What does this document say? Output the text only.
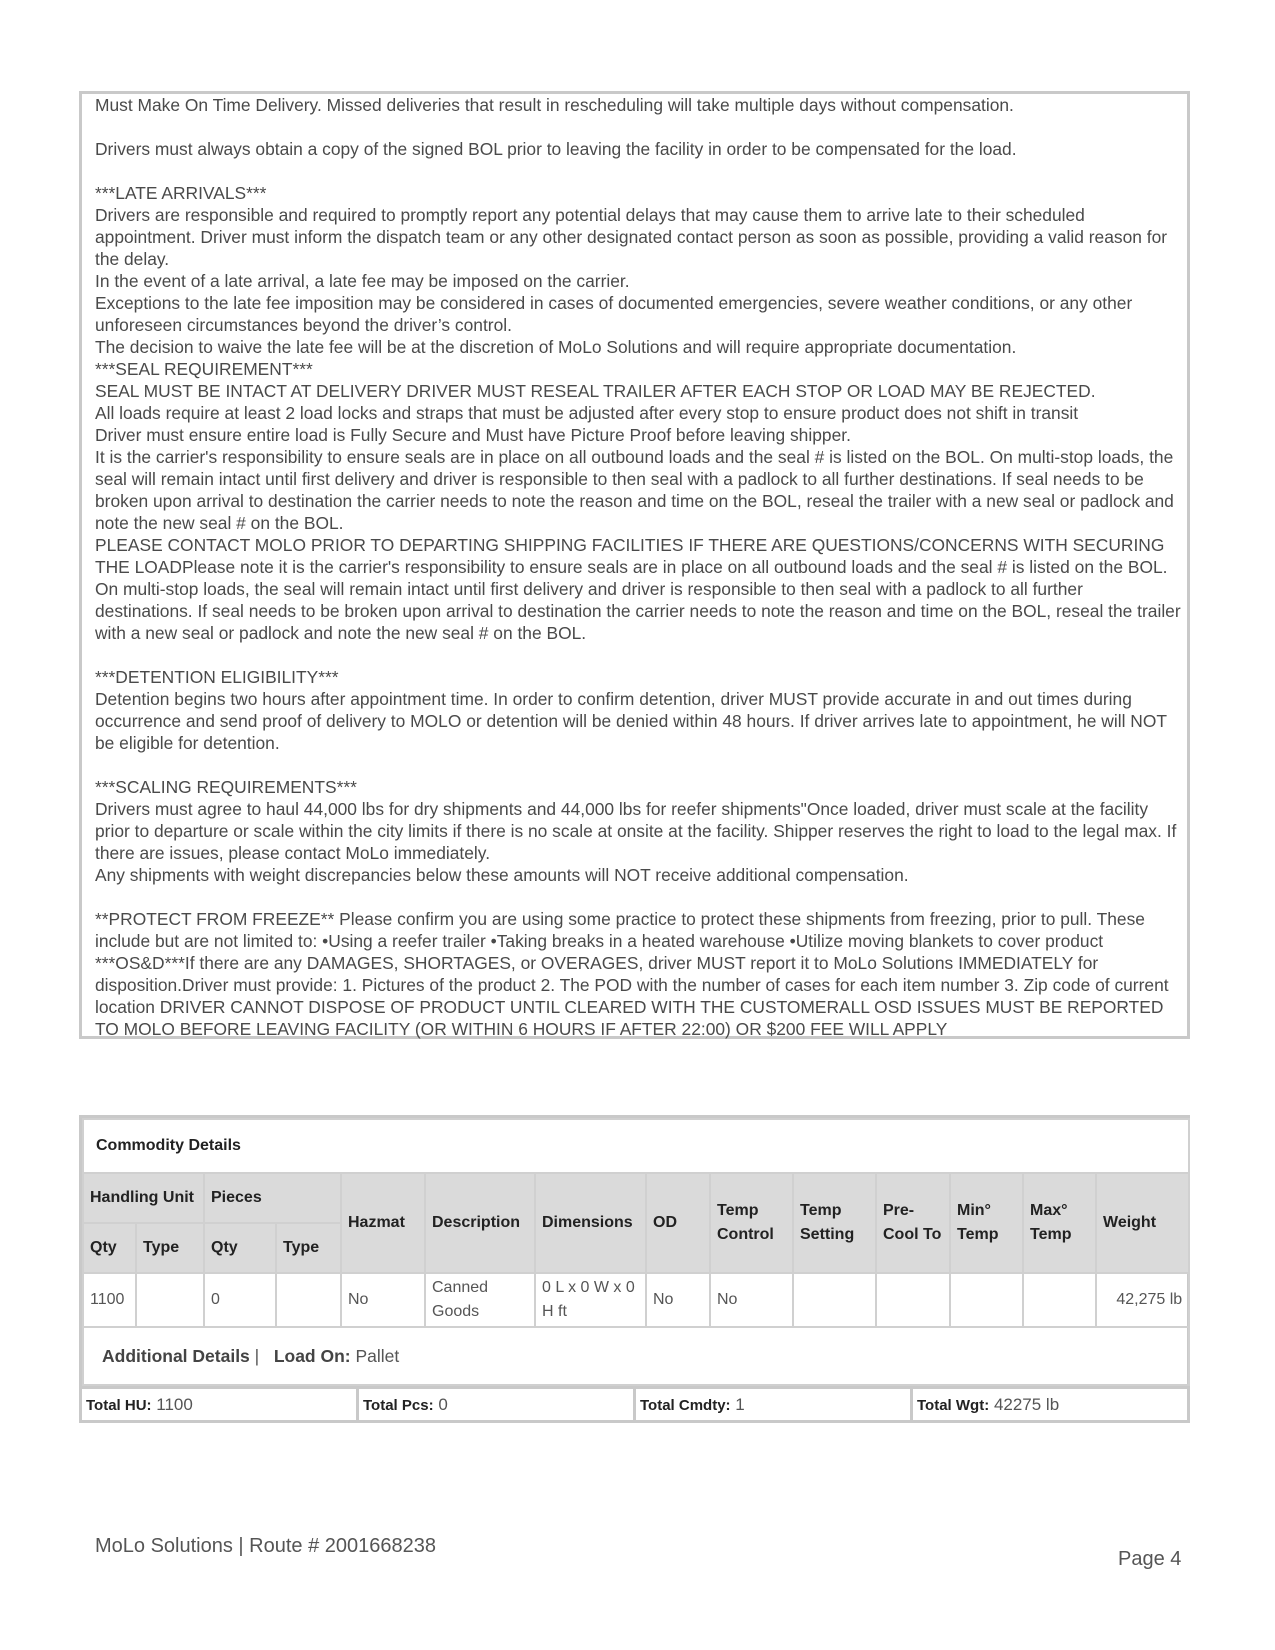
Must Make On Time Delivery. Missed deliveries that result in rescheduling will take multiple days without compensation.

Drivers must always obtain a copy of the signed BOL prior to leaving the facility in order to be compensated for the load.

***LATE ARRIVALS***

Drivers are responsible and required to promptly report any potential delays that may cause them to arrive late to their scheduled appointment. Driver must inform the dispatch team or any other designated contact person as soon as possible, providing a valid reason for the delay.

In the event of a late arrival, a late fee may be imposed on the carrier.

Exceptions to the late fee imposition may be considered in cases of documented emergencies, severe weather conditions, or any other unforeseen circumstances beyond the driver’s control.

The decision to waive the late fee will be at the discretion of MoLo Solutions and will require appropriate documentation.

***SEAL REQUIREMENT***

SEAL MUST BE INTACT AT DELIVERY DRIVER MUST RESEAL TRAILER AFTER EACH STOP OR LOAD MAY BE REJECTED.

All loads require at least 2 load locks and straps that must be adjusted after every stop to ensure product does not shift in transit

Driver must ensure entire load is Fully Secure and Must have Picture Proof before leaving shipper.

It is the carrier's responsibility to ensure seals are in place on all outbound loads and the seal # is listed on the BOL. On multi-stop loads, the seal will remain intact until first delivery and driver is responsible to then seal with a padlock to all further destinations. If seal needs to be broken upon arrival to destination the carrier needs to note the reason and time on the BOL, reseal the trailer with a new seal or padlock and note the new seal # on the BOL.

PLEASE CONTACT MOLO PRIOR TO DEPARTING SHIPPING FACILITIES IF THERE ARE QUESTIONS/CONCERNS WITH SECURING THE LOADPlease note it is the carrier's responsibility to ensure seals are in place on all outbound loads and the seal # is listed on the BOL. On multi-stop loads, the seal will remain intact until first delivery and driver is responsible to then seal with a padlock to all further destinations. If seal needs to be broken upon arrival to destination the carrier needs to note the reason and time on the BOL, reseal the trailer with a new seal or padlock and note the new seal # on the BOL.

***DETENTION ELIGIBILITY***

Detention begins two hours after appointment time. In order to confirm detention, driver MUST provide accurate in and out times during occurrence and send proof of delivery to MOLO or detention will be denied within 48 hours. If driver arrives late to appointment, he will NOT be eligible for detention.

***SCALING REQUIREMENTS***

Drivers must agree to haul 44,000 lbs for dry shipments and 44,000 lbs for reefer shipments"Once loaded, driver must scale at the facility prior to departure or scale within the city limits if there is no scale at onsite at the facility. Shipper reserves the right to load to the legal max. If there are issues, please contact MoLo immediately.

Any shipments with weight discrepancies below these amounts will NOT receive additional compensation.

**PROTECT FROM FREEZE** Please confirm you are using some practice to protect these shipments from freezing, prior to pull. These include but are not limited to: •Using a reefer trailer •Taking breaks in a heated warehouse •Utilize moving blankets to cover product ***OS&D***If there are any DAMAGES, SHORTAGES, or OVERAGES, driver MUST report it to MoLo Solutions IMMEDIATELY for disposition.Driver must provide: 1. Pictures of the product 2. The POD with the number of cases for each item number 3. Zip code of current location DRIVER CANNOT DISPOSE OF PRODUCT UNTIL CLEARED WITH THE CUSTOMERALL OSD ISSUES MUST BE REPORTED TO MOLO BEFORE LEAVING FACILITY (OR WITHIN 6 HOURS IF AFTER 22:00) OR $200 FEE WILL APPLY

Commodity Details													
Handling Unit		Pieces		Hazmat	Description	Dimensions	OD	Temp Control	Temp Setting	Pre-Cool To	Min° Temp	Max° Temp	Weight
Qty	Type	Qty	Type										
1100		0		No	Canned Goods	0 L x 0 W x 0 H ft	No	No					42,275 lb
Additional Details | Load On: Pallet													
Total HU: 1100	Total Pcs: 0	Total Cmdty: 1	Total Wgt: 42275 lb
MoLo Solutions | Route # 2001668238
Page 4
